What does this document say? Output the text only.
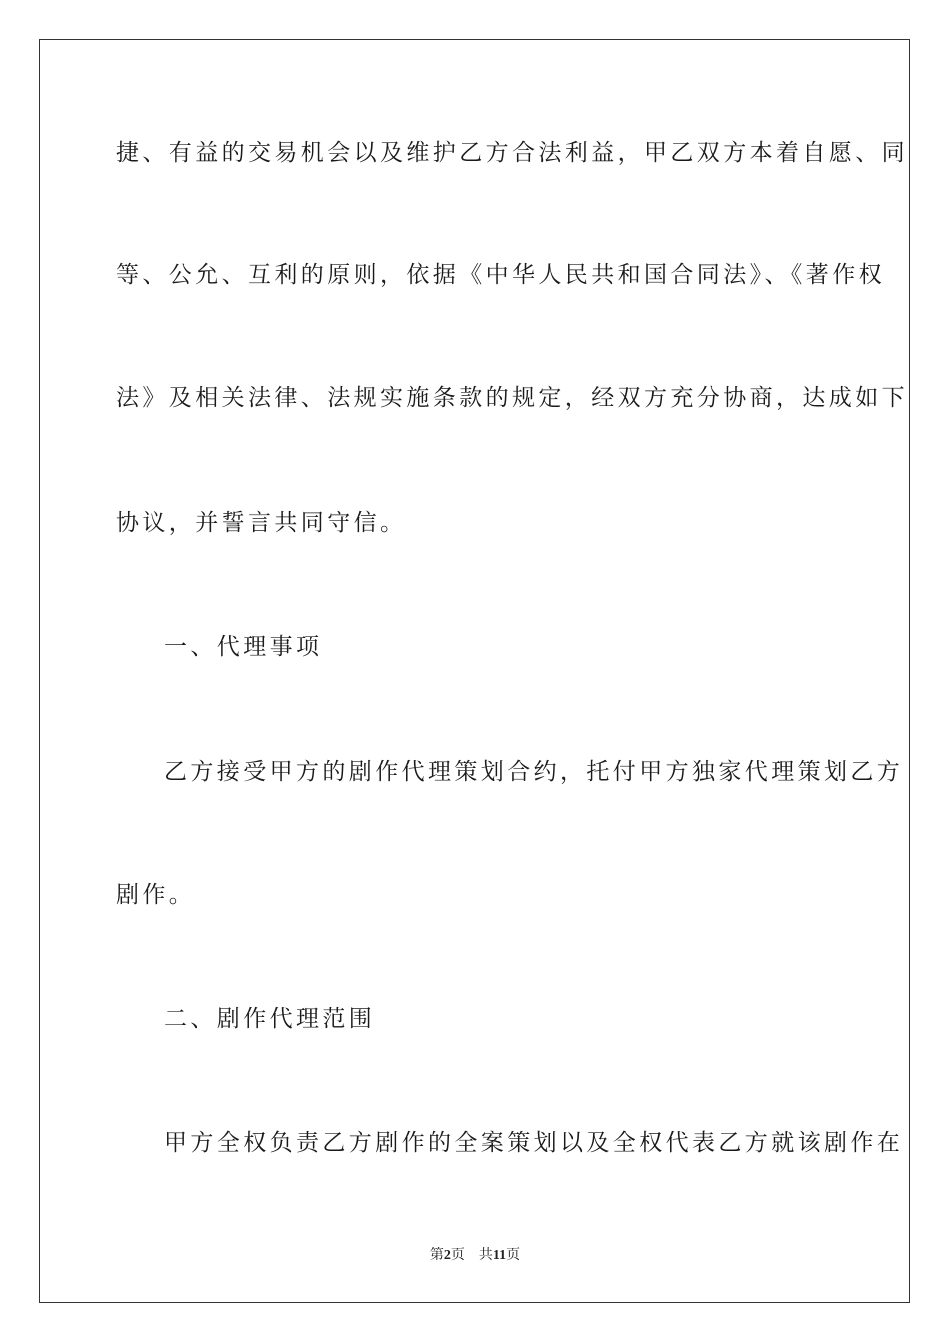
捷、有益的交易机会以及维护乙方合法利益，甲乙双方本着自愿、同
等、公允、互利的原则，依据《中华人民共和国合同法》、《著作权
法》及相关法律、法规实施条款的规定，经双方充分协商，达成如下
协议，并誓言共同守信。
一、代理事项
乙方接受甲方的剧作代理策划合约，托付甲方独家代理策划乙方
剧作。
二、剧作代理范围
甲方全权负责乙方剧作的全案策划以及全权代表乙方就该剧作在
第2页 共11页
